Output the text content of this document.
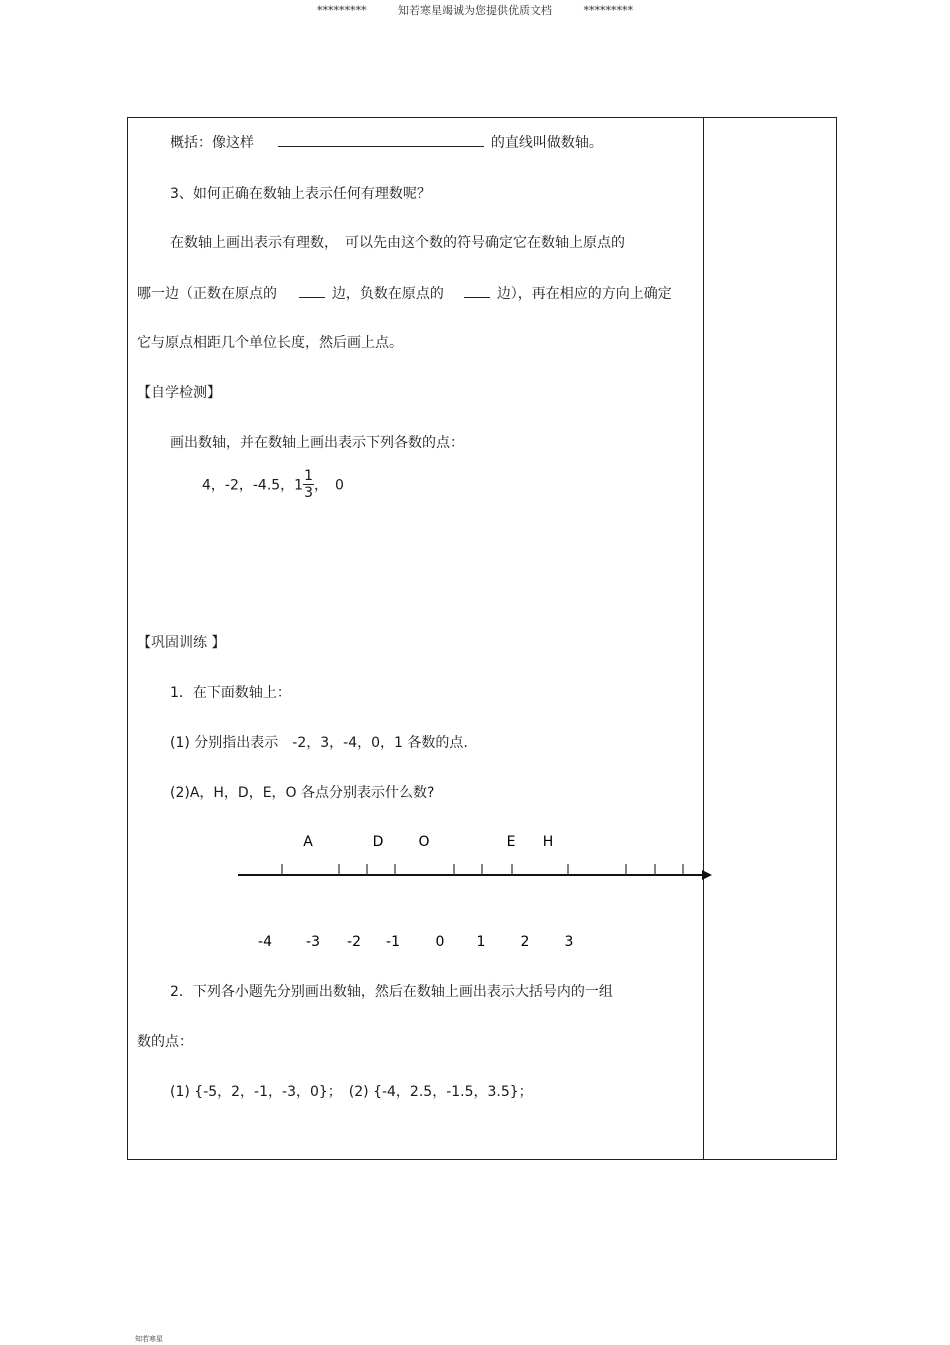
*********	知若寒星竭诚为您提供优质文档	*********
概括：像这样	的直线叫做数轴。
3、如何正确在数轴上表示任何有理数呢？
在数轴上画出表示有理数，　可以先由这个数的符号确定它在数轴上原点的
哪一边（正数在原点的	边，负数在原点的	边），再在相应的方向上确定
它与原点相距几个单位长度，然后画上点。
【自学检测】
画出数轴，并在数轴上画出表示下列各数的点：
4，-2，-4.5，$1 \frac{1}{3}$ ，　0
【巩固训练 】
1．在下面数轴上：
(1) 分别指出表示　-2，3，-4，0，1 各数的点.
(2)A，H，D，E，O 各点分别表示什么数?
A	D	O	E H
-4 -3 -2 -1	0 1	2	3
2．下列各小题先分别画出数轴，然后在数轴上画出表示大括号内的一组
数的点：
(1) {-5，2，-1，-3，0}；　(2) {-4，2.5，-1.5，3.5}；
知若寒星
